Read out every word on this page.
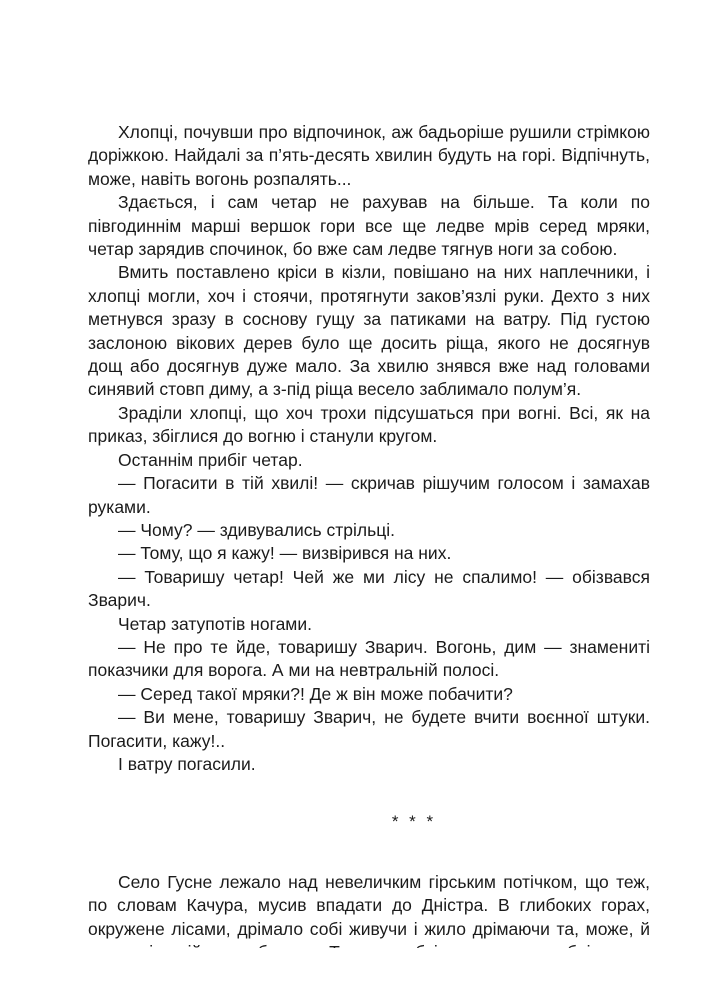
Хлопці, почувши про відпочинок, аж бадьоріше рушили стрімкою доріжкою. Найдалі за п’ять-десять хвилин будуть на горі. Відпічнуть, може, навіть вогонь розпалять...

Здається, і сам четар не рахував на більше. Та коли по півгодиннім марші вершок гори все ще ледве мрів серед мряки, четар зарядив спочинок, бо вже сам ледве тягнув ноги за собою.

Вмить поставлено кріси в кізли, повішано на них наплечники, і хлопці могли, хоч і стоячи, протягнути заков’язлі руки. Дехто з них метнувся зразу в соснову гущу за патиками на ватру. Під густою заслоною вікових дерев було ще досить ріща, якого не досягнув дощ або досягнув дуже мало. За хвилю знявся вже над головами синявий стовп диму, а з-під ріща весело заблимало полум’я.

Зраділи хлопці, що хоч трохи підсушаться при вогні. Всі, як на приказ, збіглися до вогню і станули кругом.

Останнім прибіг четар.

— Погасити в тій хвилі! — скричав рішучим голосом і замахав руками.

— Чому? — здивувались стрільці.

— Тому, що я кажу! — визвірився на них.

— Товаришу четар! Чей же ми лісу не спалимо! — обізвався Зварич.

Четар затупотів ногами.

— Не про те йде, товаришу Зварич. Вогонь, дим — знамениті показчики для ворога. А ми на невтральній полосі.

— Серед такої мряки?! Де ж він може побачити?

— Ви мене, товаришу Зварич, не будете вчити воєнної штуки. Погасити, кажу!..

І ватру погасили.

* * *

Село Гусне лежало над невеличким гірським потічком, що теж, по словам Качура, мусив впадати до Дністра. В глибоких горах, окружене лісами, дрімало собі живучи і жило дрімаючи та, може, й
